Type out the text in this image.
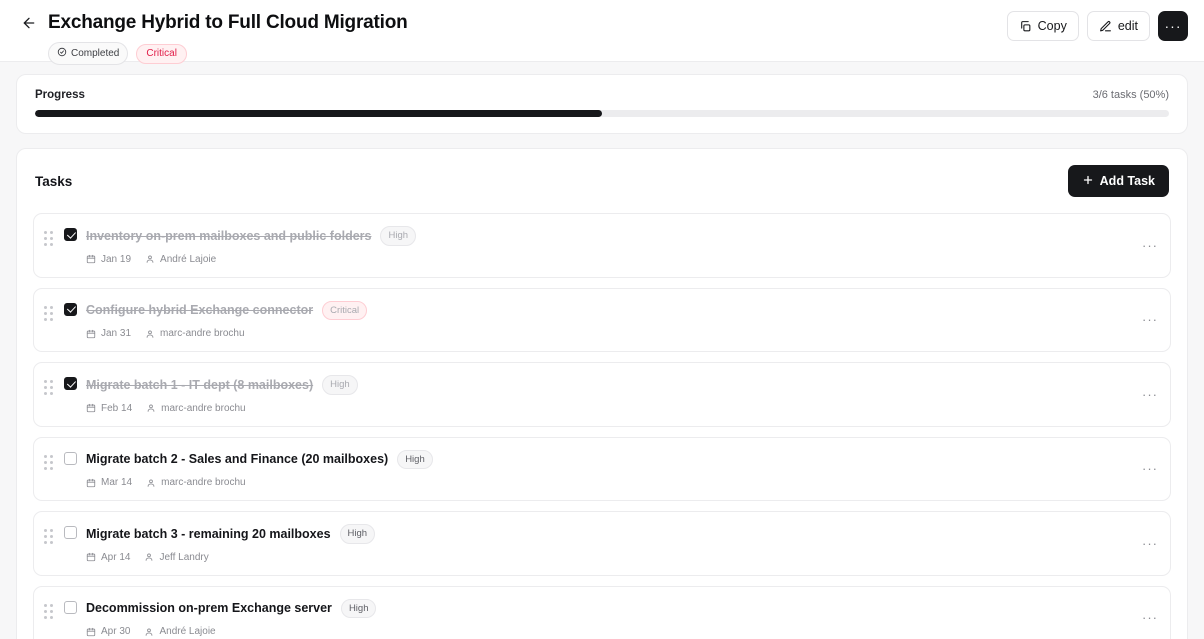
Exchange Hybrid to Full Cloud Migration
Completed	Critical
Copy	edit	···
Progress	3/6 tasks (50%)
Tasks	Add Task
Inventory on-prem mailboxes and public folders	High
Jan 19	André Lajoie
···
Configure hybrid Exchange connector	Critical
Jan 31	marc-andre brochu
···
Migrate batch 1 - IT dept (8 mailboxes)	High
Feb 14	marc-andre brochu
···
Migrate batch 2 - Sales and Finance (20 mailboxes)	High
Mar 14	marc-andre brochu
···
Migrate batch 3 - remaining 20 mailboxes	High
Apr 14	Jeff Landry
···
Decommission on-prem Exchange server	High
Apr 30	André Lajoie
···
